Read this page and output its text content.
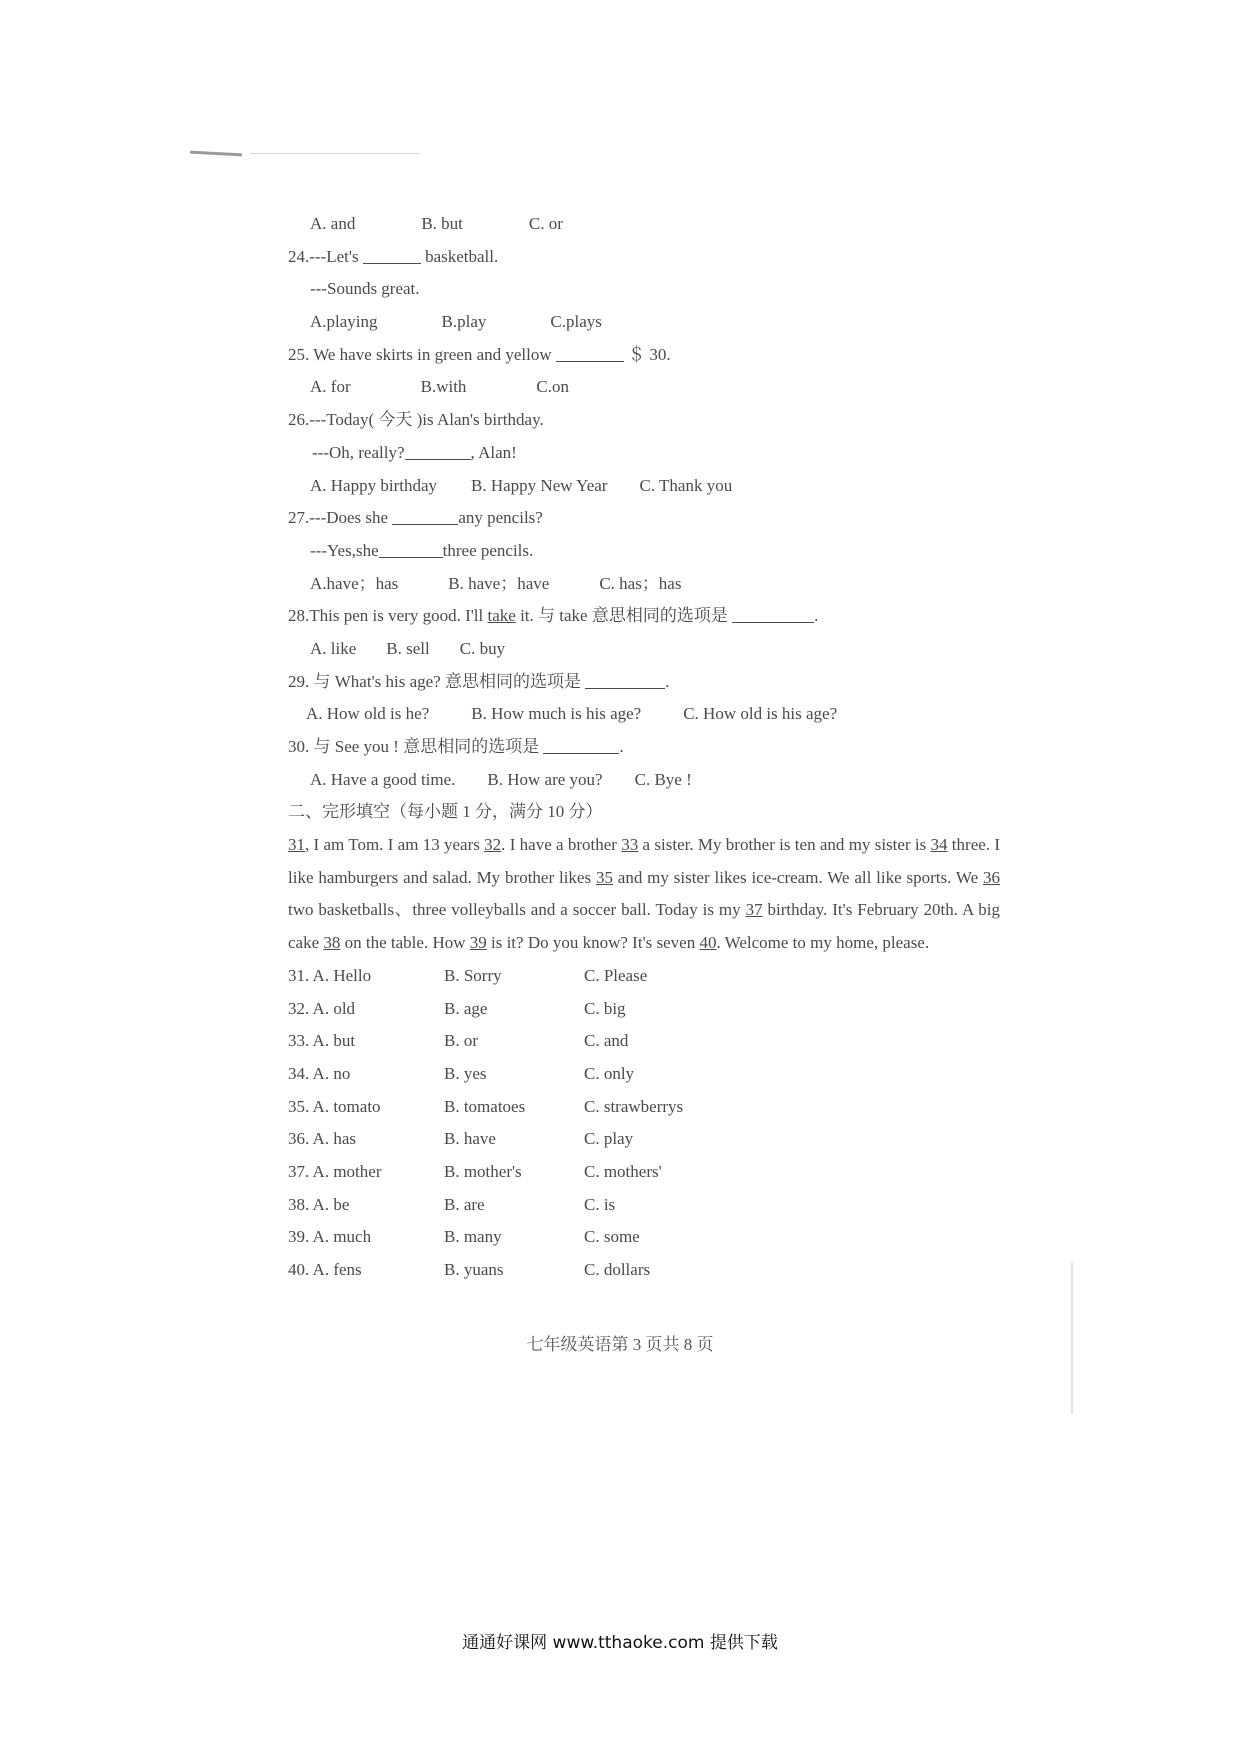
A. and	B. but	C. or
24.---Let's	basketball.
---Sounds great.
A.playing	B.play	C.plays
25. We have skirts in green and yellow	＄ 30.
A. for	B.with	C.on
26.---Today( 今天 )is Alan's birthday.
---Oh, really?	, Alan!
A. Happy birthday B. Happy New Year C. Thank you
27.---Does she	any pencils?
---Yes,she	three pencils.
A.have；has	B. have；have	C. has；has
28.This pen is very good. I'll take it. 与 take 意思相同的选项是	.
A. like B. sell C. buy
29. 与 What's his age? 意思相同的选项是	.
A. How old is he? B. How much is his age? C. How old is his age?
30. 与 See you ! 意思相同的选项是	.
A. Have a good time. B. How are you? C. Bye !
二、完形填空（每小题 1 分，满分 10 分）
31, I am Tom. I am 13 years 32. I have a brother 33 a sister. My brother is ten and my sister is 34 three. I like hamburgers and salad. My brother likes 35 and my sister likes ice-cream. We all like sports. We 36 two basketballs、three volleyballs and a soccer ball. Today is my 37 birthday. It's February 20th. A big cake 38 on the table. How 39 is it? Do you know? It's seven 40. Welcome to my home, please.
31. A. Hello	B. Sorry	C. Please
32. A. old	B. age	C. big
33. A. but	B. or	C. and
34. A. no	B. yes	C. only
35. A. tomato	B. tomatoes	C. strawberrys
36. A. has	B. have	C. play
37. A. mother	B. mother's	C. mothers'
38. A. be	B. are	C. is
39. A. much	B. many	C. some
40. A. fens	B. yuans	C. dollars
七年级英语第 3 页共 8 页
通通好课网 www.tthaoke.com 提供下载
